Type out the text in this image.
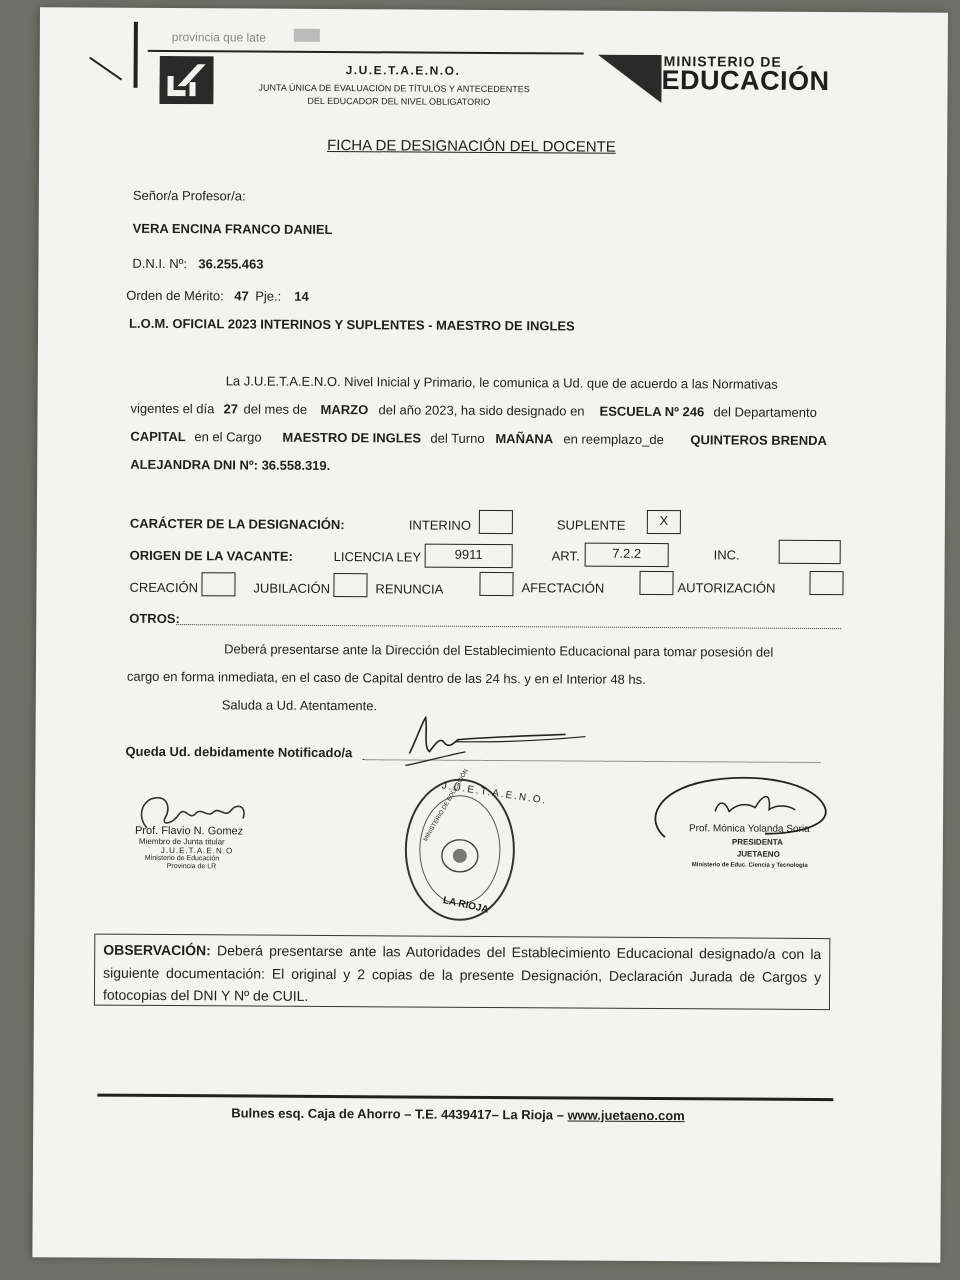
provincia que late
J.U.E.T.A.E.N.O.
JUNTA ÚNICA DE EVALUACIÓN DE TÍTULOS Y ANTECEDENTES
DEL EDUCADOR DEL NIVEL OBLIGATORIO
MINISTERIO DE
EDUCACIÓN
FICHA DE DESIGNACIÓN DEL DOCENTE
Señor/a Profesor/a:
VERA ENCINA FRANCO DANIEL
D.N.I. Nº: 36.255.463
Orden de Mérito: 47 Pje.: 14
L.O.M. OFICIAL 2023 INTERINOS Y SUPLENTES - MAESTRO DE INGLES
La J.U.E.T.A.E.N.O. Nivel Inicial y Primario, le comunica a Ud. que de acuerdo a las Normativas
vigentes el día 27 del mes de MARZO del año 2023, ha sido designado en ESCUELA Nº 246 del Departamento
CAPITAL en el Cargo MAESTRO DE INGLES del Turno MAÑANA en reemplazo_de QUINTEROS BRENDA
ALEJANDRA DNI Nº: 36.558.319.
CARÁCTER DE LA DESIGNACIÓN:	INTERINO	SUPLENTE	X
ORIGEN DE LA VACANTE:	LICENCIA LEY	9911	ART.	7.2.2	INC.
CREACIÓN	JUBILACIÓN	RENUNCIA	AFECTACIÓN	AUTORIZACIÓN
OTROS:
Deberá presentarse ante la Dirección del Establecimiento Educacional para tomar posesión del
cargo en forma inmediata, en el caso de Capital dentro de las 24 hs. y en el Interior 48 hs.
Saluda a Ud. Atentamente.
Queda Ud. debidamente Notificado/a
Prof. Flavio N. Gomez
Miembro de Junta titular
J.U.E.T.A.E.N.O
Ministerio de Educación
Provincia de LR
J.U.E.T.A.E.N.O.
MINISTERIO DE EDUCACIÓN
LA RIOJA
Prof. Mónica Yolanda Soria
PRESIDENTA
JUETAENO
Ministerio de Educ. Ciencia y Tecnología
OBSERVACIÓN: Deberá presentarse ante las Autoridades del Establecimiento Educacional designado/a con la siguiente documentación: El original y 2 copias de la presente Designación, Declaración Jurada de Cargos y fotocopias del DNI Y Nº de CUIL.
Bulnes esq. Caja de Ahorro – T.E. 4439417– La Rioja – www.juetaeno.com
